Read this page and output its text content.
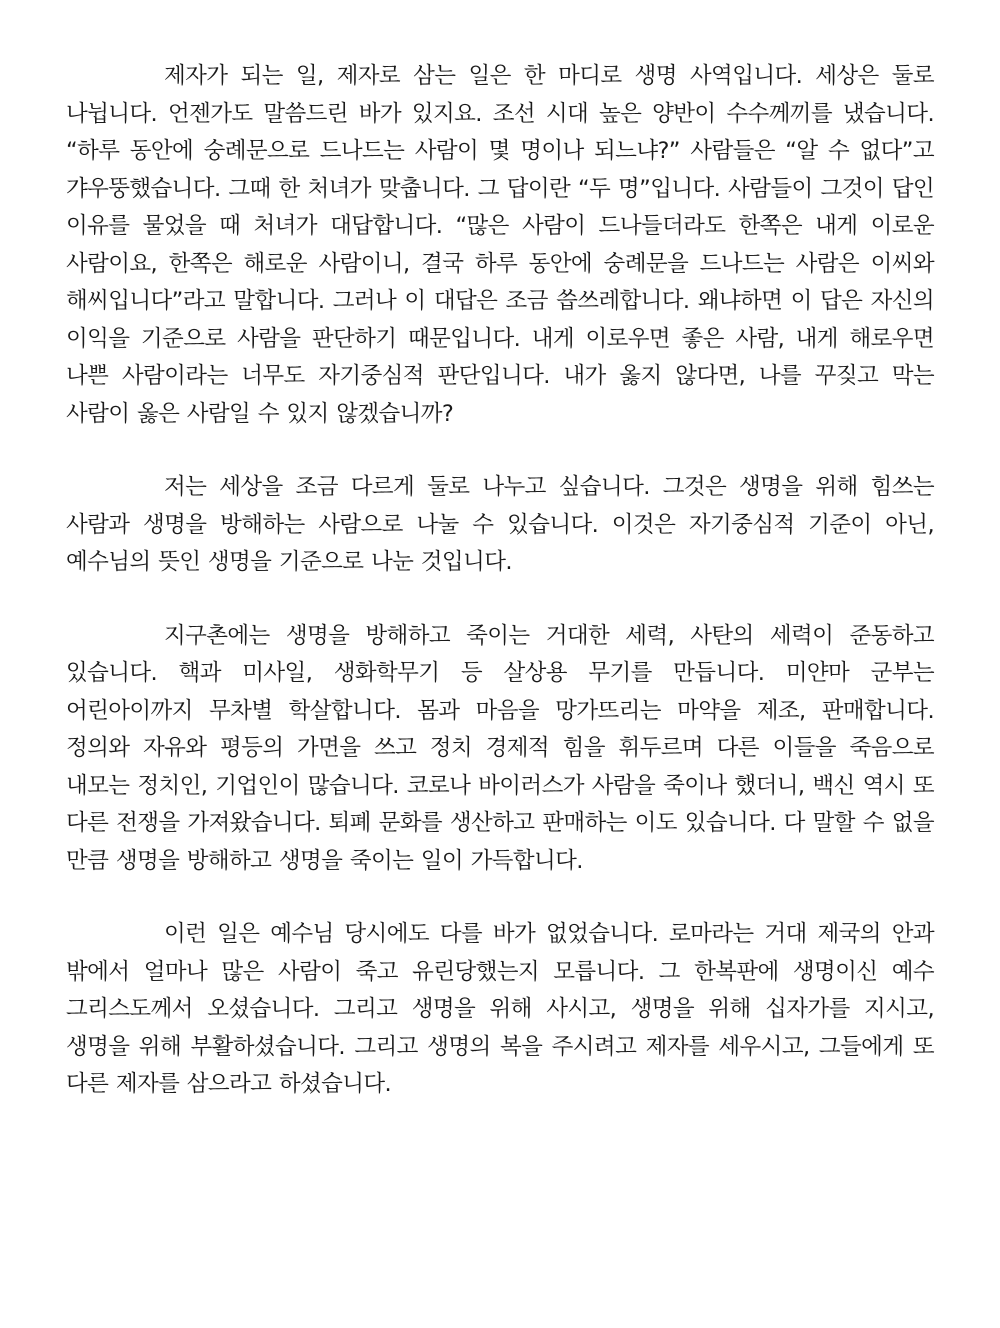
제자가 되는 일, 제자로 삼는 일은 한 마디로 생명 사역입니다. 세상은 둘로 나뉩니다. 언젠가도 말씀드린 바가 있지요. 조선 시대 높은 양반이 수수께끼를 냈습니다. “하루 동안에 숭례문으로 드나드는 사람이 몇 명이나 되느냐?” 사람들은 “알 수 없다”고 갸우뚱했습니다. 그때 한 처녀가 맞춥니다. 그 답이란 “두 명”입니다. 사람들이 그것이 답인 이유를 물었을 때 처녀가 대답합니다. “많은 사람이 드나들더라도 한쪽은 내게 이로운 사람이요, 한쪽은 해로운 사람이니, 결국 하루 동안에 숭례문을 드나드는 사람은 이씨와 해씨입니다”라고 말합니다. 그러나 이 대답은 조금 씁쓰레합니다. 왜냐하면 이 답은 자신의 이익을 기준으로 사람을 판단하기 때문입니다. 내게 이로우면 좋은 사람, 내게 해로우면 나쁜 사람이라는 너무도 자기중심적 판단입니다. 내가 옳지 않다면, 나를 꾸짖고 막는 사람이 옳은 사람일 수 있지 않겠습니까?

저는 세상을 조금 다르게 둘로 나누고 싶습니다. 그것은 생명을 위해 힘쓰는 사람과 생명을 방해하는 사람으로 나눌 수 있습니다. 이것은 자기중심적 기준이 아닌, 예수님의 뜻인 생명을 기준으로 나눈 것입니다.

지구촌에는 생명을 방해하고 죽이는 거대한 세력, 사탄의 세력이 준동하고 있습니다. 핵과 미사일, 생화학무기 등 살상용 무기를 만듭니다. 미얀마 군부는 어린아이까지 무차별 학살합니다. 몸과 마음을 망가뜨리는 마약을 제조, 판매합니다. 정의와 자유와 평등의 가면을 쓰고 정치 경제적 힘을 휘두르며 다른 이들을 죽음으로 내모는 정치인, 기업인이 많습니다. 코로나 바이러스가 사람을 죽이나 했더니, 백신 역시 또 다른 전쟁을 가져왔습니다. 퇴폐 문화를 생산하고 판매하는 이도 있습니다. 다 말할 수 없을 만큼 생명을 방해하고 생명을 죽이는 일이 가득합니다.

이런 일은 예수님 당시에도 다를 바가 없었습니다. 로마라는 거대 제국의 안과 밖에서 얼마나 많은 사람이 죽고 유린당했는지 모릅니다. 그 한복판에 생명이신 예수 그리스도께서 오셨습니다. 그리고 생명을 위해 사시고, 생명을 위해 십자가를 지시고, 생명을 위해 부활하셨습니다. 그리고 생명의 복을 주시려고 제자를 세우시고, 그들에게 또 다른 제자를 삼으라고 하셨습니다.
